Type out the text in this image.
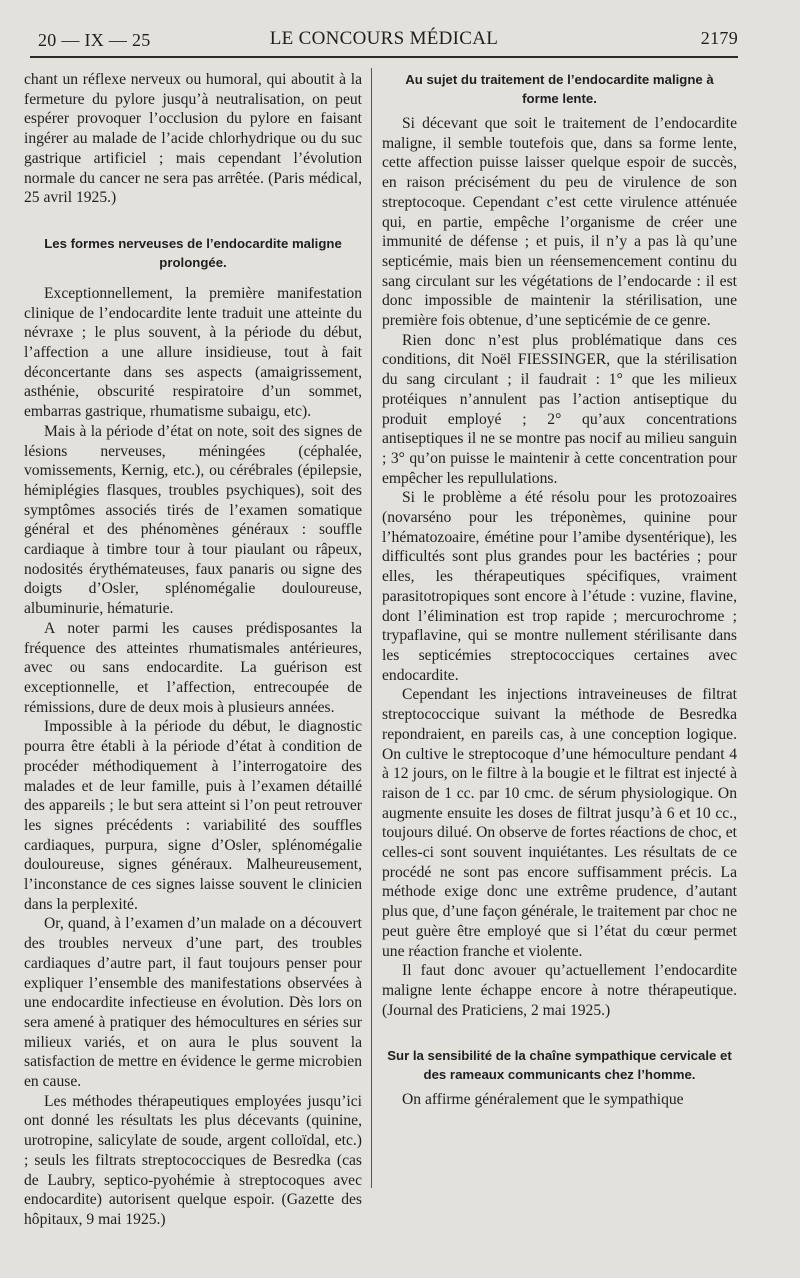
20 — IX — 25	LE CONCOURS MÉDICAL	2179

chant un réflexe nerveux ou humoral, qui aboutit à la fermeture du pylore jusqu’à neutralisation, on peut espérer provoquer l’occlusion du pylore en faisant ingérer au malade de l’acide chlorhydrique ou du suc gastrique artificiel ; mais cependant l’évolution normale du cancer ne sera pas arrêtée. (Paris médical, 25 avril 1925.)

Les formes nerveuses de l’endocardite maligne prolongée.

Exceptionnellement, la première manifestation clinique de l’endocardite lente traduit une atteinte du névraxe ; le plus souvent, à la période du début, l’affection a une allure insidieuse, tout à fait déconcertante dans ses aspects (amaigrissement, asthénie, obscurité respiratoire d’un sommet, embarras gastrique, rhumatisme subaigu, etc).

Mais à la période d’état on note, soit des signes de lésions nerveuses, méningées (céphalée, vomissements, Kernig, etc.), ou cérébrales (épilepsie, hémiplégies flasques, troubles psychiques), soit des symptômes associés tirés de l’examen somatique général et des phénomènes généraux : souffle cardiaque à timbre tour à tour piaulant ou râpeux, nodosités érythémateuses, faux panaris ou signe des doigts d’Osler, splénomégalie douloureuse, albuminurie, hématurie.

A noter parmi les causes prédisposantes la fréquence des atteintes rhumatismales antérieures, avec ou sans endocardite. La guérison est exceptionnelle, et l’affection, entrecoupée de rémissions, dure de deux mois à plusieurs années.

Impossible à la période du début, le diagnostic pourra être établi à la période d’état à condition de procéder méthodiquement à l’interrogatoire des malades et de leur famille, puis à l’examen détaillé des appareils ; le but sera atteint si l’on peut retrouver les signes précédents : variabilité des souffles cardiaques, purpura, signe d’Osler, splénomégalie douloureuse, signes généraux. Malheureusement, l’inconstance de ces signes laisse souvent le clinicien dans la perplexité.

Or, quand, à l’examen d’un malade on a découvert des troubles nerveux d’une part, des troubles cardiaques d’autre part, il faut toujours penser pour expliquer l’ensemble des manifestations observées à une endocardite infectieuse en évolution. Dès lors on sera amené à pratiquer des hémocultures en séries sur milieux variés, et on aura le plus souvent la satisfaction de mettre en évidence le germe microbien en cause.

Les méthodes thérapeutiques employées jusqu’ici ont donné les résultats les plus décevants (quinine, urotropine, salicylate de soude, argent colloïdal, etc.) ; seuls les filtrats streptococciques de Besredka (cas de Laubry, septico-pyohémie à streptocoques avec endocardite) autorisent quelque espoir. (Gazette des hôpitaux, 9 mai 1925.)

Au sujet du traitement de l’endocardite maligne à forme lente.

Si décevant que soit le traitement de l’endocardite maligne, il semble toutefois que, dans sa forme lente, cette affection puisse laisser quelque espoir de succès, en raison précisément du peu de virulence de son streptocoque. Cependant c’est cette virulence atténuée qui, en partie, empêche l’organisme de créer une immunité de défense ; et puis, il n’y a pas là qu’une septicémie, mais bien un réensemencement continu du sang circulant sur les végétations de l’endocarde : il est donc impossible de maintenir la stérilisation, une première fois obtenue, d’une septicémie de ce genre.

Rien donc n’est plus problématique dans ces conditions, dit Noël FIESSINGER, que la stérilisation du sang circulant ; il faudrait : 1° que les milieux protéiques n’annulent pas l’action antiseptique du produit employé ; 2° qu’aux concentrations antiseptiques il ne se montre pas nocif au milieu sanguin ; 3° qu’on puisse le maintenir à cette concentration pour empêcher les repullulations.

Si le problème a été résolu pour les protozoaires (novarséno pour les tréponèmes, quinine pour l’hématozoaire, émétine pour l’amibe dysentérique), les difficultés sont plus grandes pour les bactéries ; pour elles, les thérapeutiques spécifiques, vraiment parasitotropiques sont encore à l’étude : vuzine, flavine, dont l’élimination est trop rapide ; mercurochrome ; trypaflavine, qui se montre nullement stérilisante dans les septicémies streptococciques certaines avec endocardite.

Cependant les injections intraveineuses de filtrat streptococcique suivant la méthode de Besredka repondraient, en pareils cas, à une conception logique. On cultive le streptocoque d’une hémoculture pendant 4 à 12 jours, on le filtre à la bougie et le filtrat est injecté à raison de 1 cc. par 10 cmc. de sérum physiologique. On augmente ensuite les doses de filtrat jusqu’à 6 et 10 cc., toujours dilué. On observe de fortes réactions de choc, et celles-ci sont souvent inquiétantes. Les résultats de ce procédé ne sont pas encore suffisamment précis. La méthode exige donc une extrême prudence, d’autant plus que, d’une façon générale, le traitement par choc ne peut guère être employé que si l’état du cœur permet une réaction franche et violente.

Il faut donc avouer qu’actuellement l’endocardite maligne lente échappe encore à notre thérapeutique. (Journal des Praticiens, 2 mai 1925.)

Sur la sensibilité de la chaîne sympathique cervicale et des rameaux communicants chez l’homme.

On affirme généralement que le sympathique
